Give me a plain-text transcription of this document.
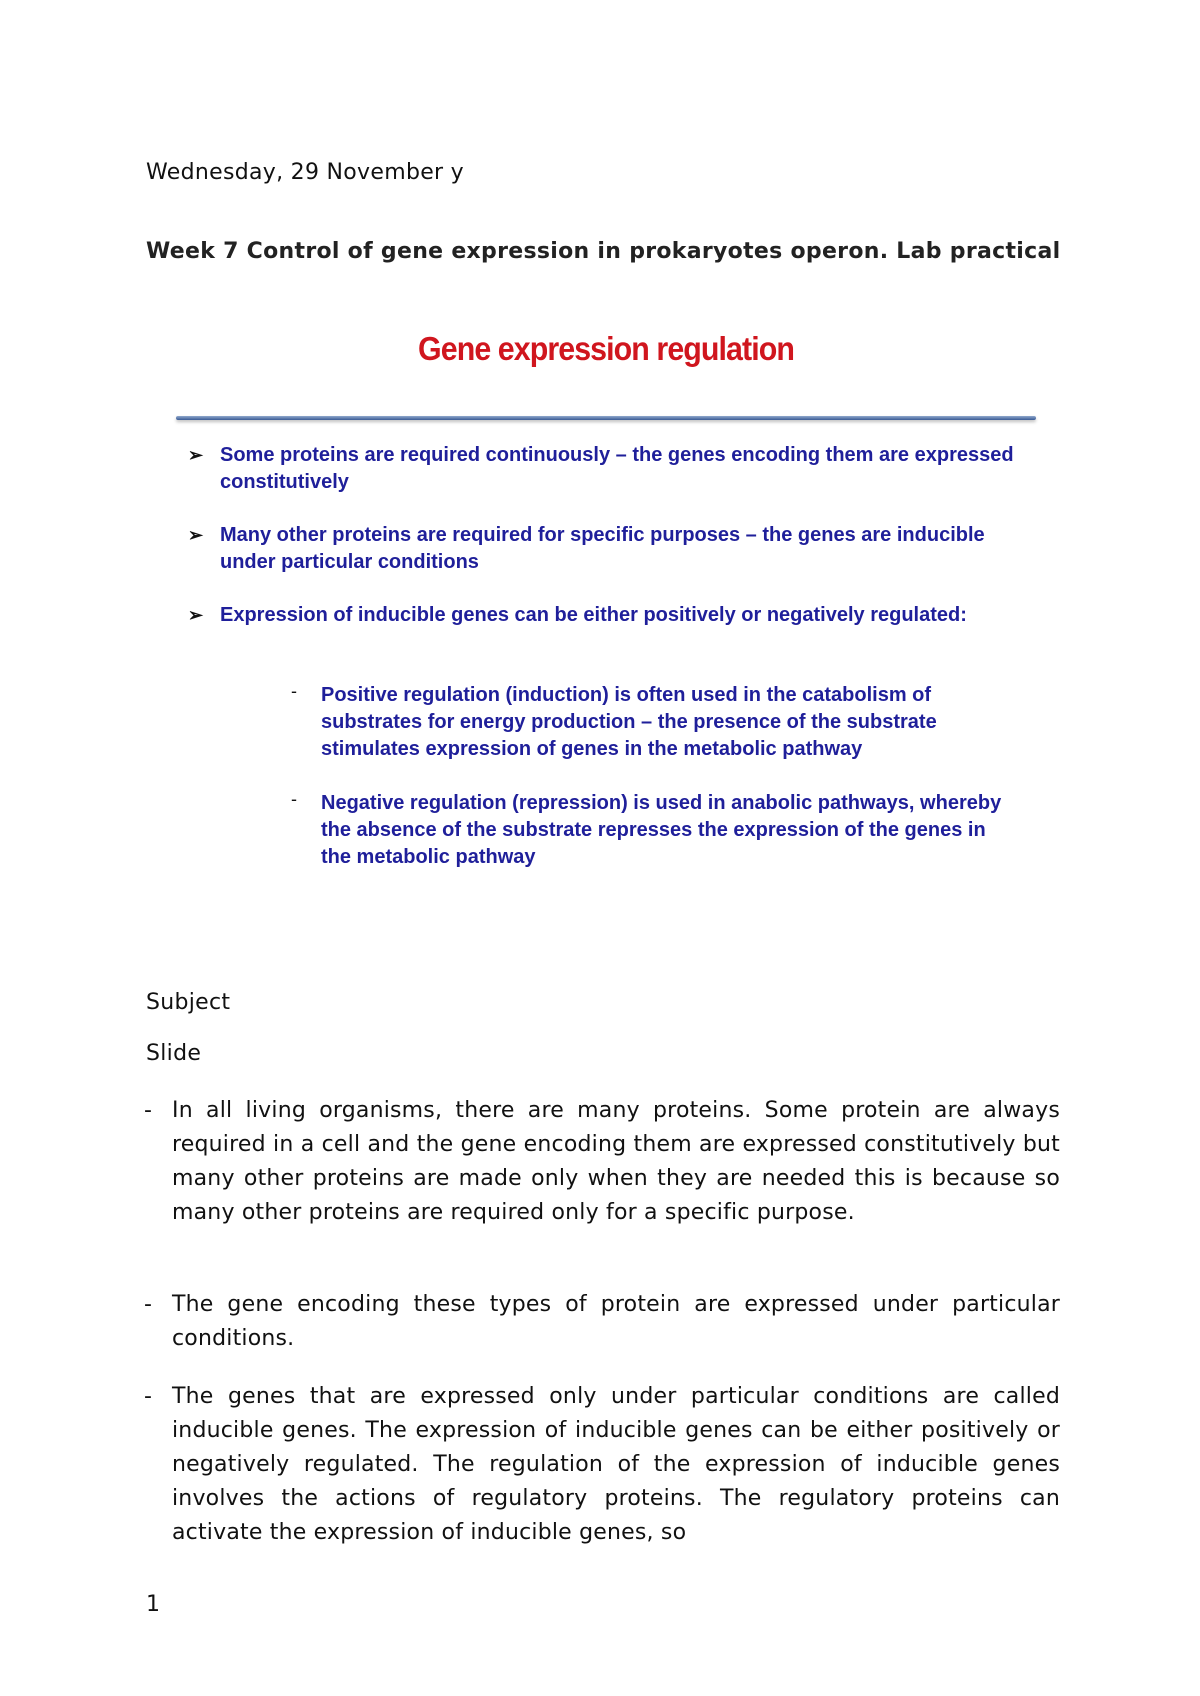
Wednesday, 29 November y
Week 7 Control of gene expression in prokaryotes operon. Lab practical
Gene expression regulation
➢ Some proteins are required continuously – the genes encoding them are expressed constitutively
➢ Many other proteins are required for specific purposes – the genes are inducible under particular conditions
➢ Expression of inducible genes can be either positively or negatively regulated:
- Positive regulation (induction) is often used in the catabolism of substrates for energy production – the presence of the substrate stimulates expression of genes in the metabolic pathway
- Negative regulation (repression) is used in anabolic pathways, whereby the absence of the substrate represses the expression of the genes in the metabolic pathway
Subject
Slide
- In all living organisms, there are many proteins. Some protein are always required in a cell and the gene encoding them are expressed constitutively but many other proteins are made only when they are needed this is because so many other proteins are required only for a specific purpose.
- The gene encoding these types of protein are expressed under particular conditions.
- The genes that are expressed only under particular conditions are called inducible genes. The expression of inducible genes can be either positively or negatively regulated. The regulation of the expression of inducible genes involves the actions of regulatory proteins. The regulatory proteins can activate the expression of inducible genes, so
1
